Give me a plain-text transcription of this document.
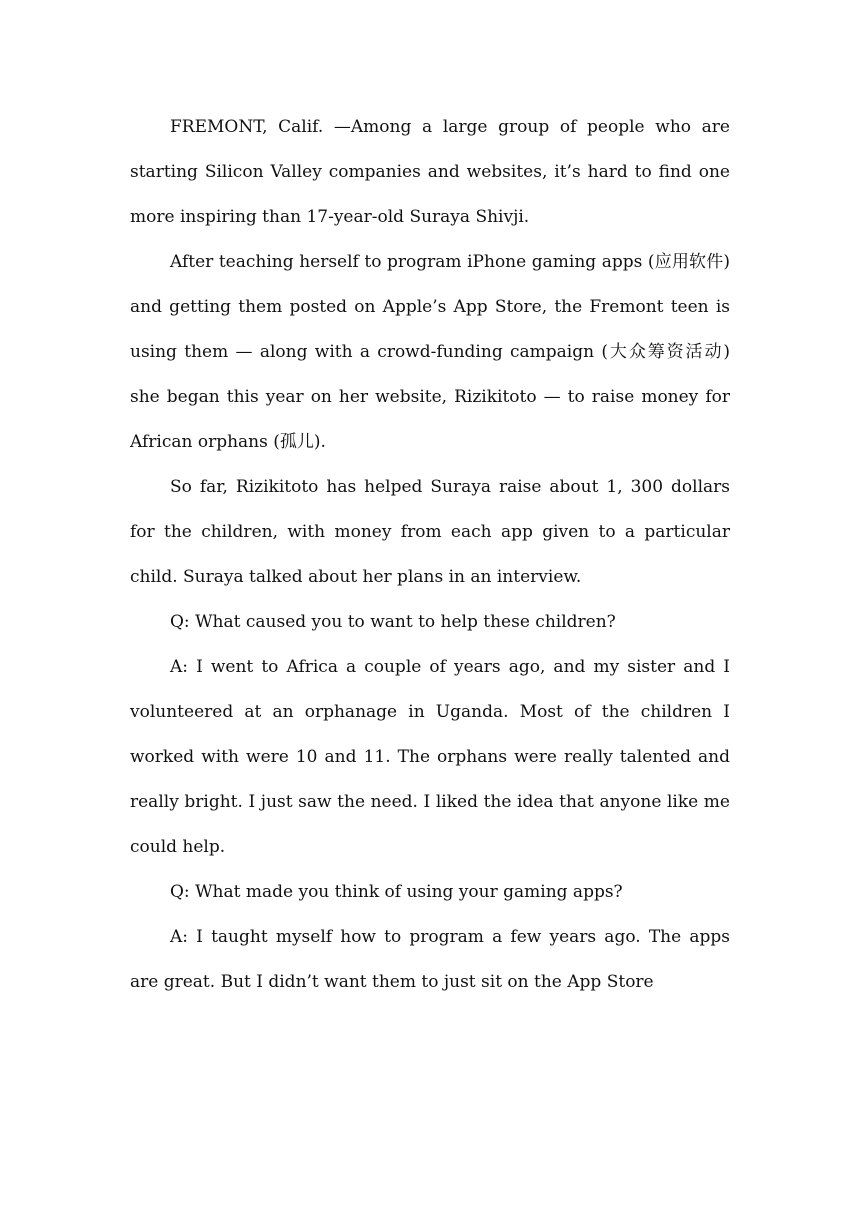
FREMONT, Calif. —Among a large group of people who are starting Silicon Valley companies and websites, it’s hard to find one more inspiring than 17-year-old Suraya Shivji.

After teaching herself to program iPhone gaming apps (应用软件) and getting them posted on Apple’s App Store, the Fremont teen is using them — along with a crowd-funding campaign (大众筹资活动) she began this year on her website, Rizikitoto — to raise money for African orphans (孤儿).

So far, Rizikitoto has helped Suraya raise about 1, 300 dollars for the children, with money from each app given to a particular child. Suraya talked about her plans in an interview.

Q: What caused you to want to help these children?

A: I went to Africa a couple of years ago, and my sister and I volunteered at an orphanage in Uganda. Most of the children I worked with were 10 and 11. The orphans were really talented and really bright. I just saw the need. I liked the idea that anyone like me could help.

Q: What made you think of using your gaming apps?

A: I taught myself how to program a few years ago. The apps are great. But I didn’t want them to just sit on the App Store
